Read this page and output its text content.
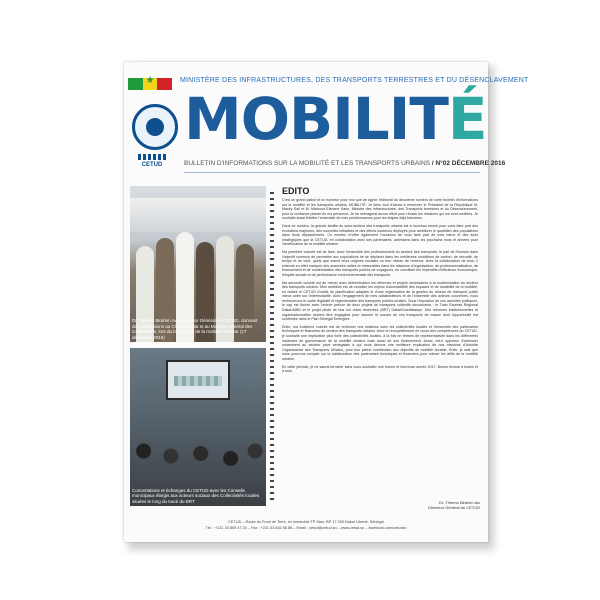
★
MINISTÈRE DES INFRASTRUCTURES, DES TRANSPORTS TERRESTRES ET DU DÉSENCLAVEMENT
CETUD
MOBILITÉ
BULLETIN D'INFORMATIONS SUR LA MOBILITÉ ET LES TRANSPORTS URBAINS / N°02 DÉCEMBRE 2016
Dr. Thierno Birahim Aw, Directeur Général du CETUD, donnant des explications au Chef de l'État et au Ministre Général des Collectivités, lors du lancement de la mobilité à Dakar (17 décembre 2016)
Concertations et échanges du CETUD avec les Conseils municipaux élargis aux acteurs sociaux des Collectivités locales situées le long du tracé du BRT
EDITO

C'est un grand plaisir et un honneur pour moi que de signer l'éditorial du deuxième numéro de votre bulletin d'informations sur la mobilité et les transports urbains, MOBILITÉ. Je tiens tout d'abord à remercier le Président de la République M. Macky Sall et M. Mansour Elimane Kane, Ministre des Infrastructures, des Transports terrestres et du Désenclavement, pour la confiance placée en ma personne. Je ne ménagerai aucun effort pour réussir les missions qui me sont confiées. Je souhaite aussi féliciter l'ensemble de mes prédécesseurs pour les étapes déjà franchies.

Dans ce numéro, la grande famille du sous-secteur des transports urbains est à nouveau réunie pour vous faire part des évolutions majeures, des nouvelles initiatives et des efforts soutenus déployés pour améliorer le quotidien des populations dans leurs déplacements. Ce numéro m'offre également l'occasion de vous faire part de mes vœux et des axes stratégiques que le CETUD, en collaboration avec ses partenaires, adressera dans les prochains mois et années pour l'amélioration de la mobilité urbaine.

Ma première volonté est de faire, avec l'ensemble des professionnels du secteur des transports, le pari de l'humain dans l'objectif commun de permettre aux populations de se déplacer dans les meilleures conditions de confort, de sécurité, de temps et de coût, quels que soient leurs origines sociales ou leur niveau de revenus. Avec la collaboration de tous, il entends en effet marquer des avancées nettes et mesurables dans les missions d'organisation, de professionnalisation, de financement et de modernisation des transports publics de voyageurs, en conciliant les impératifs d'efficience économique, d'équité sociale et de performance environnementale des transports.

Ma seconde volonté est de mener avec détermination les réformes et projets nécessaires à la modernisation du secteur des transports urbains. Mon ambition est de concilier les enjeux d'accessibilité des espaces et de durabilité de la mobilité, en dotant le CETUD d'outils de planification adaptés et d'une organisation de la gestion du réseau de transport public mieux axée sur l'intermodalité. Avec l'engagement de mes collaborateurs et de l'ensemble des acteurs concernés, nous renforcerons le cadre législatif et réglementaire des transports publics urbains. Sous l'impulsion de nos autorités politiques, le cap est donné avec l'entrée prévue de deux projets de transports collectifs structurants : le Train Express Régional Dakar/AIBD et le projet pilote de bus sur voies réservées (BRT) Dakar/Guédiawaye. Des réformes institutionnelles et organisationnelles doivent être engagées pour assurer le succès de ces transports de masse dont l'opportunité est confirmée dans le Plan Sénégal Emergent.

Enfin, ma troisième volonté est de renforcer nos relations avec les collectivités locales et l'ensemble des partenaires techniques et financiers du secteur des transports urbains. Avec le renouvellement en cours des compétences du CETUD, je souhaite une implication plus forte des collectivités locales, à la fois en termes de représentativité dans les différentes instances de gouvernance de la mobilité urbaine mais aussi de son financement. Aussi, est-il opportun d'adresser notamment au secteur privé sénégalais à qui nous devons une meilleure explication de nos missions d'Autorité Organisatrice des Transports Urbains, pour leur pleine contribution aux objectifs de mobilité durable. Enfin, je sais que nous pourrons compter sur la collaboration des partenaires techniques et financiers pour relever les défis de la mobilité urbaine.

En cette période, je ne saurai terminer sans vous souhaiter une bonne et heureuse année 2017. Bonne lecture à toutes et à tous.

Dr. Thierno Birahim Aw
Directeur Général du CETUD
CETUD – Route du Front de Terre, ex immeuble TP Sam, BP 17 265 Dakar Liberté, Sénégal
Tél. : +221 33 859 47 20 – Fax : +221 33 832 56 86 – Email : cetud@cetud.sn – www.cetud.sn – facebook.com/cetudsn
